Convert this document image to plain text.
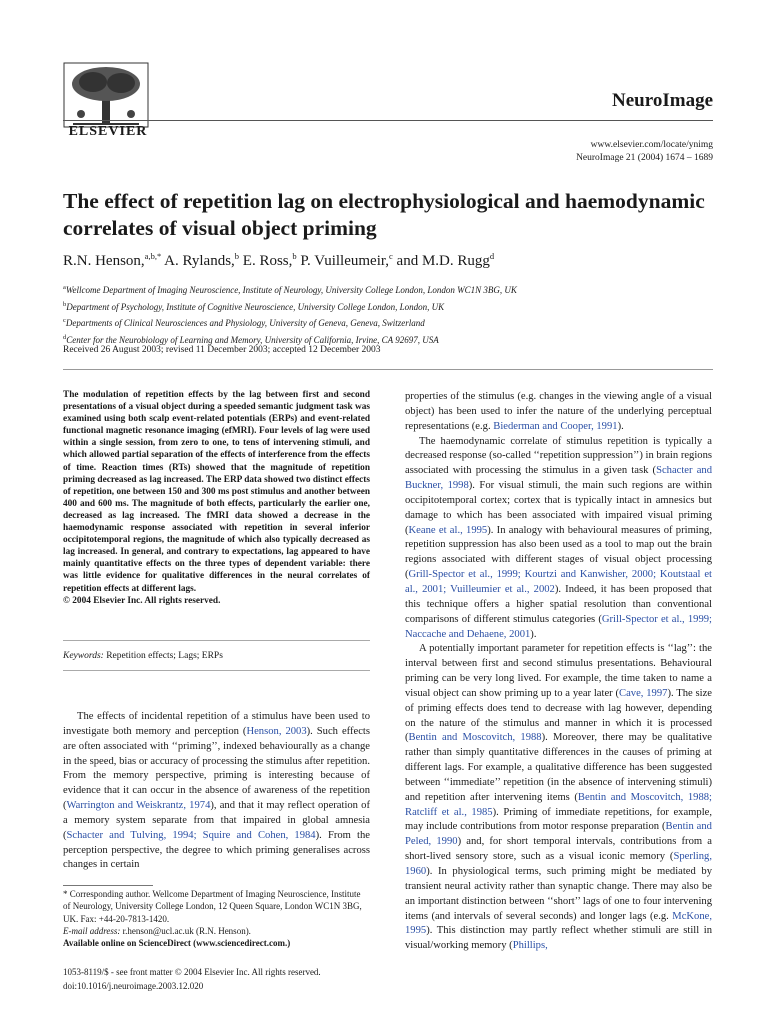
ELSEVIER
NeuroImage
www.elsevier.com/locate/ynimg
NeuroImage 21 (2004) 1674 – 1689
The effect of repetition lag on electrophysiological and haemodynamic correlates of visual object priming
R.N. Henson,$^{a,b,*}$ A. Rylands,$^b$ E. Ross,$^b$ P. Vuilleumeir,$^c$ and M.D. Rugg$^d$
$^a$Wellcome Department of Imaging Neuroscience, Institute of Neurology, University College London, London WC1N 3BG, UK
$^b$Department of Psychology, Institute of Cognitive Neuroscience, University College London, London, UK
$^c$Departments of Clinical Neurosciences and Physiology, University of Geneva, Geneva, Switzerland
$^d$Center for the Neurobiology of Learning and Memory, University of California, Irvine, CA 92697, USA
Received 26 August 2003; revised 11 December 2003; accepted 12 December 2003
The modulation of repetition effects by the lag between first and second presentations of a visual object during a speeded semantic judgment task was examined using both scalp event-related potentials (ERPs) and event-related functional magnetic resonance imaging (efMRI). Four levels of lag were used within a single session, from zero to one, to tens of intervening stimuli, and which allowed partial separation of the effects of interference from the effects of time. Reaction times (RTs) showed that the magnitude of repetition priming decreased as lag increased. The ERP data showed two distinct effects of repetition, one between 150 and 300 ms post stimulus and another between 400 and 600 ms. The magnitude of both effects, particularly the earlier one, decreased as lag increased. The fMRI data showed a decrease in the haemodynamic response associated with repetition in several inferior occipitotemporal regions, the magnitude of which also typically decreased as lag increased. In general, and contrary to expectations, lag appeared to have mainly quantitative effects on the three types of dependent variable: there was little evidence for qualitative differences in the neural correlates of repetition effects at different lags.
© 2004 Elsevier Inc. All rights reserved.
Keywords: Repetition effects; Lags; ERPs

The effects of incidental repetition of a stimulus have been used to investigate both memory and perception (Henson, 2003). Such effects are often associated with ‘‘priming’’, indexed behaviourally as a change in the speed, bias or accuracy of processing the stimulus after repetition. From the memory perspective, priming is interesting because of evidence that it can occur in the absence of awareness of the repetition (Warrington and Weiskrantz, 1974), and that it may reflect operation of a memory system separate from that impaired in global amnesia (Schacter and Tulving, 1994; Squire and Cohen, 1984). From the perception perspective, the degree to which priming generalises across changes in certain

* Corresponding author. Wellcome Department of Imaging Neuroscience, Institute of Neurology, University College London, 12 Queen Square, London WC1N 3BG, UK. Fax: +44-20-7813-1420.

E-mail address: r.henson@ucl.ac.uk (R.N. Henson).

Available online on ScienceDirect (www.sciencedirect.com.)

1053-8119/$ - see front matter © 2004 Elsevier Inc. All rights reserved.
doi:10.1016/j.neuroimage.2003.12.020

properties of the stimulus (e.g. changes in the viewing angle of a visual object) has been used to infer the nature of the underlying perceptual representations (e.g. Biederman and Cooper, 1991).

The haemodynamic correlate of stimulus repetition is typically a decreased response (so-called ‘‘repetition suppression’’) in brain regions associated with processing the stimulus in a given task (Schacter and Buckner, 1998). For visual stimuli, the main such regions are within occipitotemporal cortex; cortex that is typically intact in amnesics but damage to which has been associated with impaired visual priming (Keane et al., 1995). In analogy with behavioural measures of priming, repetition suppression has also been used as a tool to map out the brain regions associated with different stages of visual object processing (Grill-Spector et al., 1999; Kourtzi and Kanwisher, 2000; Koutstaal et al., 2001; Vuilleumier et al., 2002). Indeed, it has been proposed that this technique offers a higher spatial resolution than conventional comparisons of different stimulus categories (Grill-Spector et al., 1999; Naccache and Dehaene, 2001).

A potentially important parameter for repetition effects is ‘‘lag’’: the interval between first and second stimulus presentations. Behavioural priming can be very long lived. For example, the time taken to name a visual object can show priming up to a year later (Cave, 1997). The size of priming effects does tend to decrease with lag however, depending on the nature of the stimulus and manner in which it is processed (Bentin and Moscovitch, 1988). Moreover, there may be qualitative rather than simply quantitative differences in the causes of priming at different lags. For example, a qualitative difference has been suggested between ‘‘immediate’’ repetition (in the absence of intervening stimuli) and repetition after intervening items (Bentin and Moscovitch, 1988; Ratcliff et al., 1985). Priming of immediate repetitions, for example, may include contributions from motor response preparation (Bentin and Peled, 1990) and, for short temporal intervals, contributions from a short-lived sensory store, such as a visual iconic memory (Sperling, 1960). In physiological terms, such priming might be mediated by transient neural activity rather than synaptic change. There may also be an important distinction between ‘‘short’’ lags of one to four intervening items (and intervals of several seconds) and longer lags (e.g. McKone, 1995). This distinction may partly reflect whether stimuli are still in visual/working memory (Phillips,
